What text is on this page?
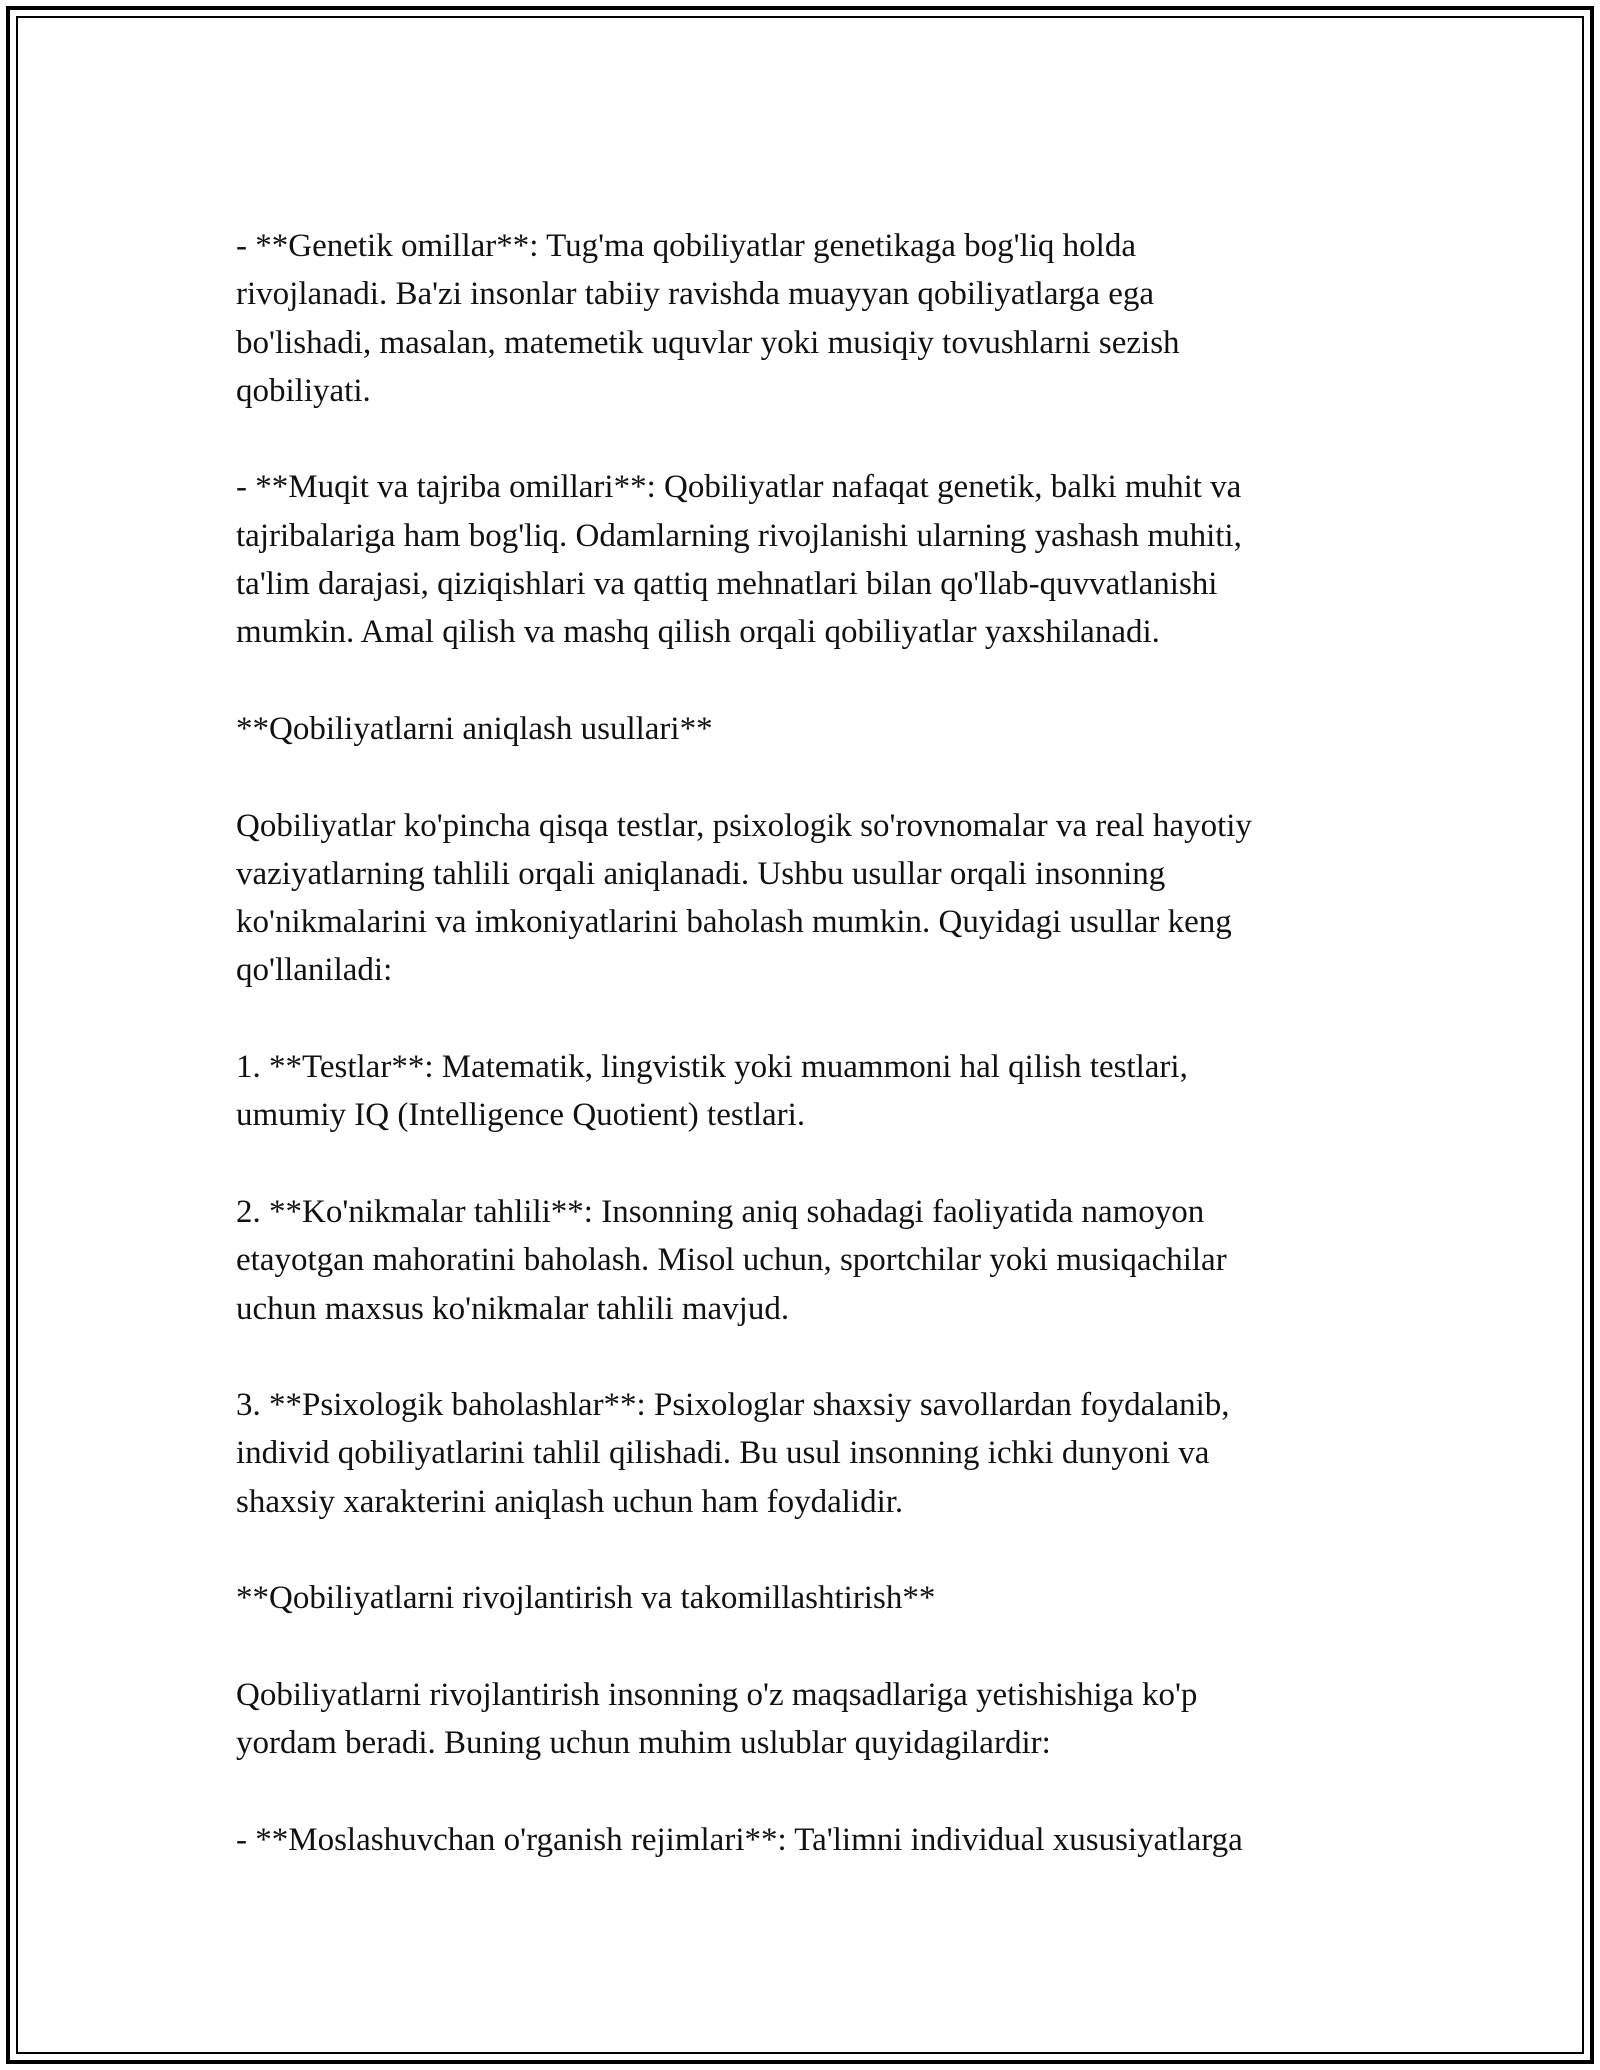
- **Genetik omillar**: Tug'ma qobiliyatlar genetikaga bog'liq holda
rivojlanadi. Ba'zi insonlar tabiiy ravishda muayyan qobiliyatlarga ega
bo'lishadi, masalan, matemetik uquvlar yoki musiqiy tovushlarni sezish
qobiliyati.

- **Muqit va tajriba omillari**: Qobiliyatlar nafaqat genetik, balki muhit va
tajribalariga ham bog'liq. Odamlarning rivojlanishi ularning yashash muhiti,
ta'lim darajasi, qiziqishlari va qattiq mehnatlari bilan qo'llab-quvvatlanishi
mumkin. Amal qilish va mashq qilish orqali qobiliyatlar yaxshilanadi.

**Qobiliyatlarni aniqlash usullari**

Qobiliyatlar ko'pincha qisqa testlar, psixologik so'rovnomalar va real hayotiy
vaziyatlarning tahlili orqali aniqlanadi. Ushbu usullar orqali insonning
ko'nikmalarini va imkoniyatlarini baholash mumkin. Quyidagi usullar keng
qo'llaniladi:

1. **Testlar**: Matematik, lingvistik yoki muammoni hal qilish testlari,
umumiy IQ (Intelligence Quotient) testlari.

2. **Ko'nikmalar tahlili**: Insonning aniq sohadagi faoliyatida namoyon
etayotgan mahoratini baholash. Misol uchun, sportchilar yoki musiqachilar
uchun maxsus ko'nikmalar tahlili mavjud.

3. **Psixologik baholashlar**: Psixologlar shaxsiy savollardan foydalanib,
individ qobiliyatlarini tahlil qilishadi. Bu usul insonning ichki dunyoni va
shaxsiy xarakterini aniqlash uchun ham foydalidir.

**Qobiliyatlarni rivojlantirish va takomillashtirish**

Qobiliyatlarni rivojlantirish insonning o'z maqsadlariga yetishishiga ko'p
yordam beradi. Buning uchun muhim uslublar quyidagilardir:

- **Moslashuvchan o'rganish rejimlari**: Ta'limni individual xususiyatlarga
